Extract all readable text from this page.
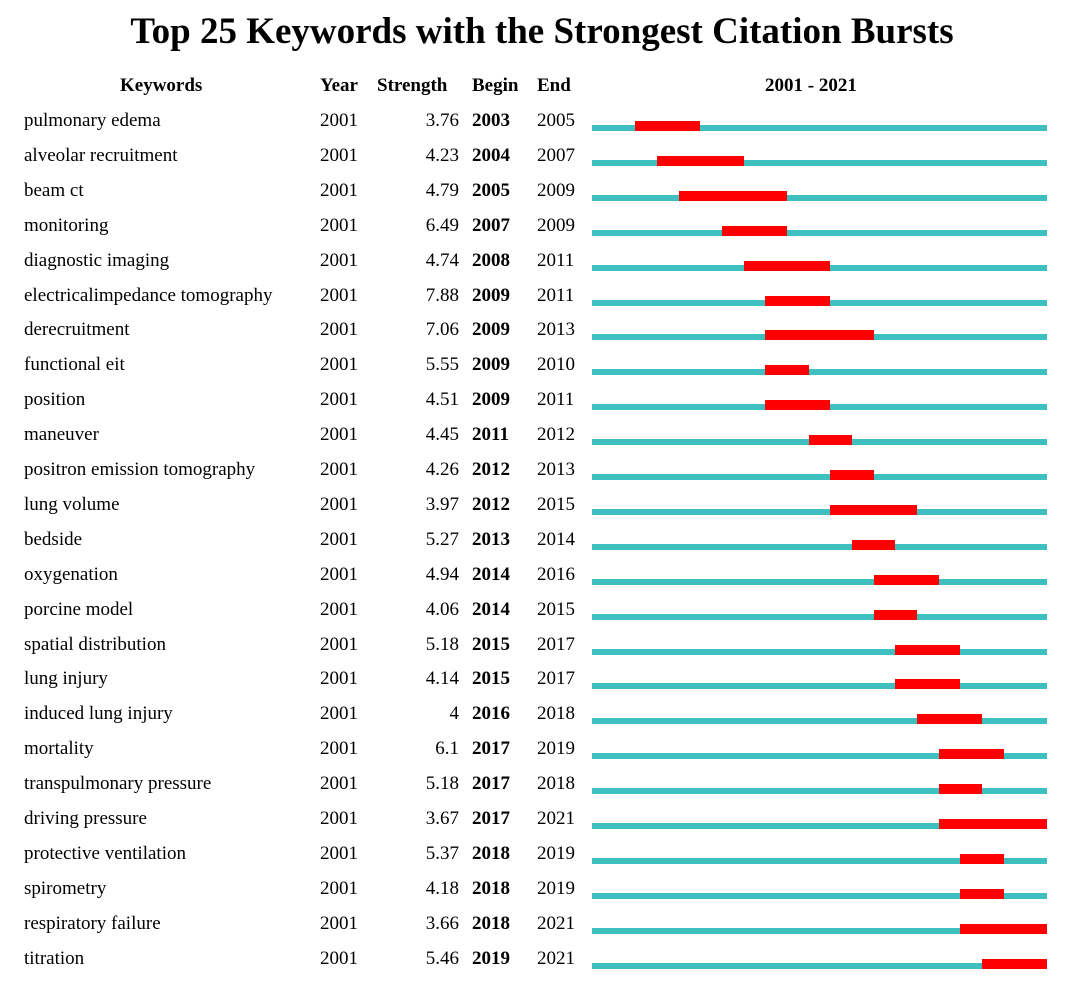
Top 25 Keywords with the Strongest Citation Bursts
Keywords	Year Strength Begin End	2001 - 2021
pulmonary edema	2001	3.76 2003 2005
alveolar recruitment	2001	4.23 2004 2007
beam ct	2001	4.79 2005 2009
monitoring	2001	6.49 2007 2009
diagnostic imaging	2001	4.74 2008 2011
electricalimpedance tomography	2001	7.88 2009 2011
derecruitment	2001	7.06 2009 2013
functional eit	2001	5.55 2009 2010
position	2001	4.51 2009 2011
maneuver	2001	4.45 2011 2012
positron emission tomography	2001	4.26 2012 2013
lung volume	2001	3.97 2012 2015
bedside	2001	5.27 2013 2014
oxygenation	2001	4.94 2014 2016
porcine model	2001	4.06 2014 2015
spatial distribution	2001	5.18 2015 2017
lung injury	2001	4.14 2015 2017
induced lung injury	2001	4 2016 2018
mortality	2001	6.1 2017 2019
transpulmonary pressure	2001	5.18 2017 2018
driving pressure	2001	3.67 2017 2021
protective ventilation	2001	5.37 2018 2019
spirometry	2001	4.18 2018 2019
respiratory failure	2001	3.66 2018 2021
titration	2001	5.46 2019 2021
